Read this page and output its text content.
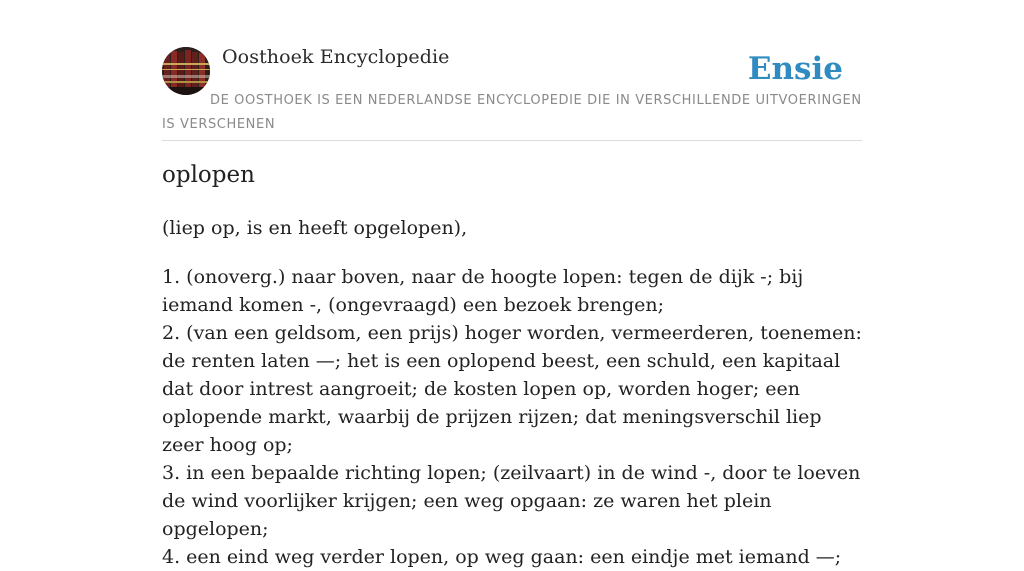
Oosthoek Encyclopedie	Ensie
DE OOSTHOEK IS EEN NEDERLANDSE ENCYCLOPEDIE DIE IN VERSCHILLENDE UITVOERINGEN IS VERSCHENEN
oplopen

(liep op, is en heeft opgelopen),

1. (onoverg.) naar boven, naar de hoogte lopen: tegen de dijk -; bij iemand komen -, (ongevraagd) een bezoek brengen;
2. (van een geldsom, een prijs) hoger worden, vermeerderen, toenemen: de renten laten —; het is een oplopend beest, een schuld, een kapitaal dat door intrest aangroeit; de kosten lopen op, worden hoger; een oplopende markt, waarbij de prijzen rijzen; dat meningsverschil liep zeer hoog op;
3. in een bepaalde richting lopen; (zeilvaart) in de wind -, door te loeven de wind voorlijker krijgen; een weg opgaan: ze waren het plein opgelopen;
4. een eind weg verder lopen, op weg gaan: een eindje met iemand —;
